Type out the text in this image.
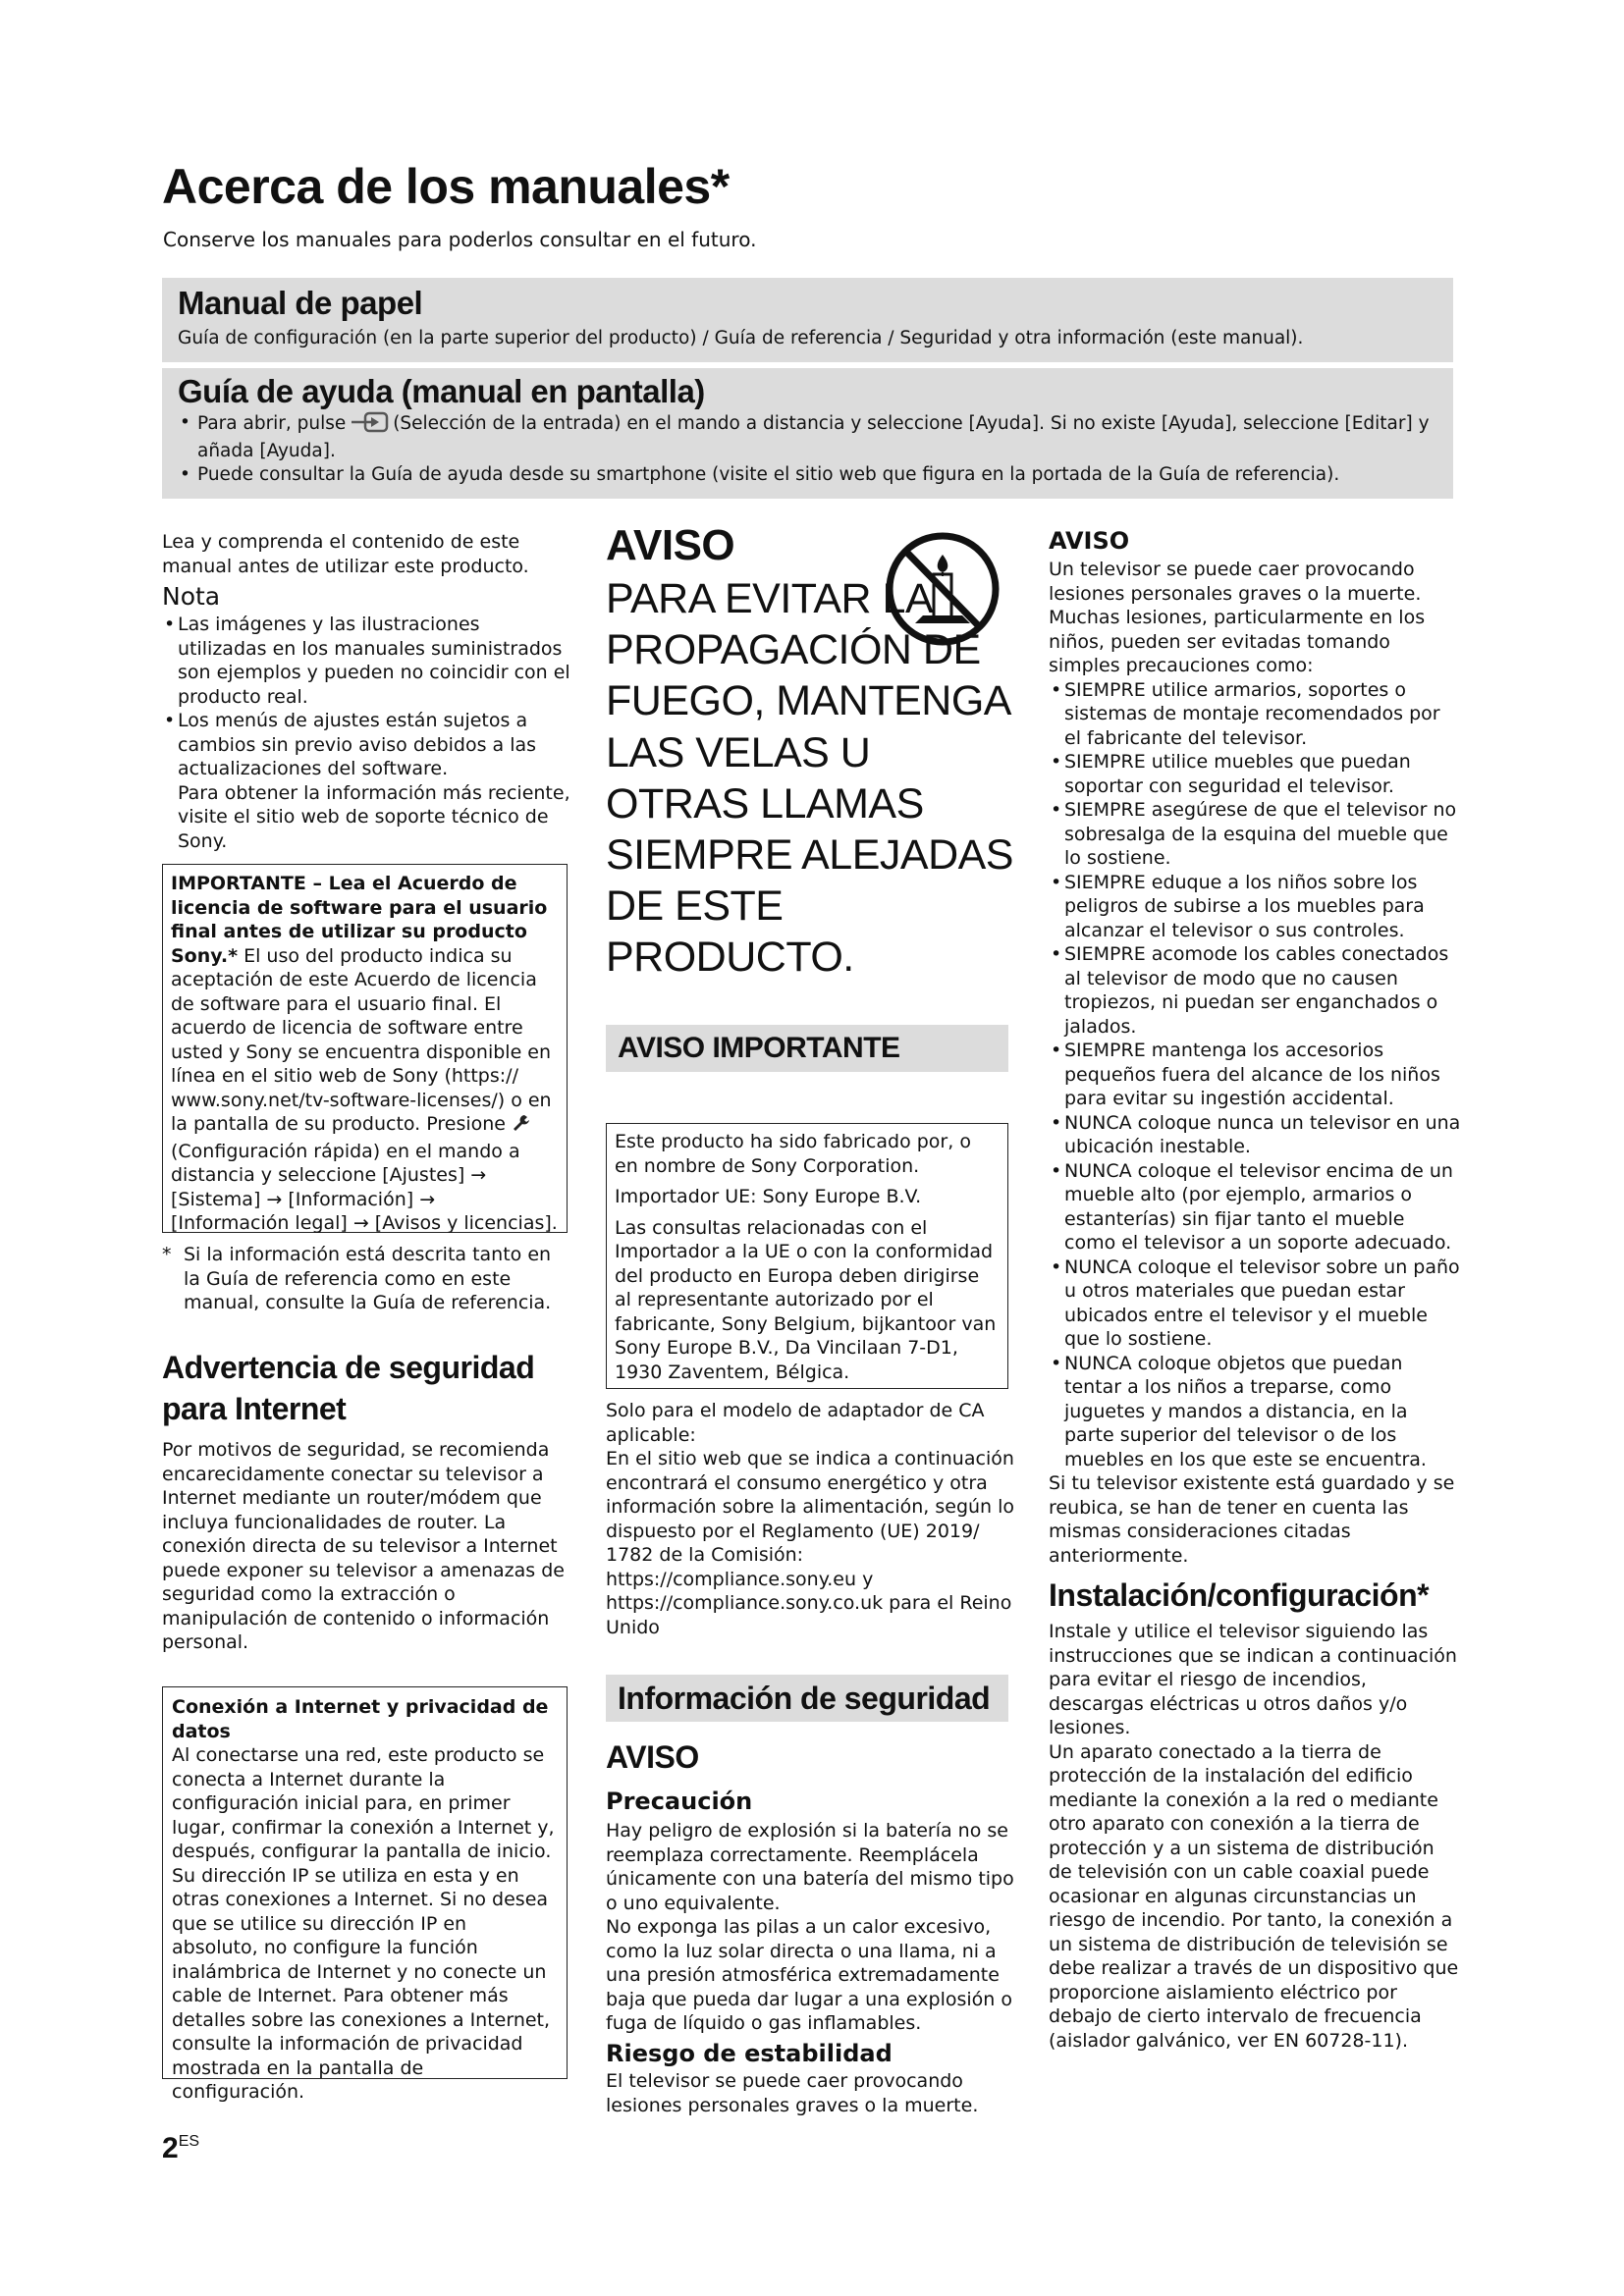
Acerca de los manuales*
Conserve los manuales para poderlos consultar en el futuro.
Manual de papel
Guía de configuración (en la parte superior del producto) / Guía de referencia / Seguridad y otra información (este manual).
Guía de ayuda (manual en pantalla)
• Para abrir, pulse	(Selección de la entrada) en el mando a distancia y seleccione [Ayuda]. Si no existe [Ayuda], seleccione [Editar] y añada [Ayuda].
• Puede consultar la Guía de ayuda desde su smartphone (visite el sitio web que figura en la portada de la Guía de referencia).

Lea y comprenda el contenido de este manual antes de utilizar este producto.

Nota
• Las imágenes y las ilustraciones utilizadas en los manuales suministrados son ejemplos y pueden no coincidir con el producto real.
• Los menús de ajustes están sujetos a cambios sin previo aviso debidos a las actualizaciones del software.
Para obtener la información más reciente, visite el sitio web de soporte técnico de Sony.
IMPORTANTE – Lea el Acuerdo de licencia de software para el usuario final antes de utilizar su producto Sony.* El uso del producto indica su aceptación de este Acuerdo de licencia de software para el usuario final. El acuerdo de licencia de software entre usted y Sony se encuentra disponible en línea en el sitio web de Sony (https:// www.sony.net/tv-software-licenses/) o en la pantalla de su producto. Presione (Configuración rápida) en el mando a distancia y seleccione [Ajustes] → [Sistema] → [Información] → [Información legal] → [Avisos y licencias].
* Si la información está descrita tanto en la Guía de referencia como en este manual, consulte la Guía de referencia.
Advertencia de seguridad para Internet
Por motivos de seguridad, se recomienda encarecidamente conectar su televisor a Internet mediante un router/módem que incluya funcionalidades de router. La conexión directa de su televisor a Internet puede exponer su televisor a amenazas de seguridad como la extracción o manipulación de contenido o información personal.
Conexión a Internet y privacidad de datos
Al conectarse una red, este producto se conecta a Internet durante la configuración inicial para, en primer lugar, confirmar la conexión a Internet y, después, configurar la pantalla de inicio. Su dirección IP se utiliza en esta y en otras conexiones a Internet. Si no desea que se utilice su dirección IP en absoluto, no configure la función inalámbrica de Internet y no conecte un cable de Internet. Para obtener más detalles sobre las conexiones a Internet, consulte la información de privacidad mostrada en la pantalla de configuración.
2ES
AVISO
PARA EVITAR LA PROPAGACIÓN DE FUEGO, MANTENGA LAS VELAS U OTRAS LLAMAS SIEMPRE ALEJADAS DE ESTE PRODUCTO.
AVISO IMPORTANTE

Este producto ha sido fabricado por, o en nombre de Sony Corporation.

Importador UE: Sony Europe B.V.

Las consultas relacionadas con el Importador a la UE o con la conformidad del producto en Europa deben dirigirse al representante autorizado por el fabricante, Sony Belgium, bijkantoor van Sony Europe B.V., Da Vincilaan 7-D1, 1930 Zaventem, Bélgica.

Solo para el modelo de adaptador de CA aplicable:
En el sitio web que se indica a continuación encontrará el consumo energético y otra información sobre la alimentación, según lo dispuesto por el Reglamento (UE) 2019/ 1782 de la Comisión:
https://compliance.sony.eu y
https://compliance.sony.co.uk para el Reino Unido
Información de seguridad
AVISO
Precaución
Hay peligro de explosión si la batería no se reemplaza correctamente. Reemplácela únicamente con una batería del mismo tipo o uno equivalente.
No exponga las pilas a un calor excesivo, como la luz solar directa o una llama, ni a una presión atmosférica extremadamente baja que pueda dar lugar a una explosión o fuga de líquido o gas inflamables.
Riesgo de estabilidad
El televisor se puede caer provocando lesiones personales graves o la muerte.
AVISO

Un televisor se puede caer provocando lesiones personales graves o la muerte. Muchas lesiones, particularmente en los niños, pueden ser evitadas tomando simples precauciones como:

• SIEMPRE utilice armarios, soportes o sistemas de montaje recomendados por el fabricante del televisor.
• SIEMPRE utilice muebles que puedan soportar con seguridad el televisor.
• SIEMPRE asegúrese de que el televisor no sobresalga de la esquina del mueble que lo sostiene.
• SIEMPRE eduque a los niños sobre los peligros de subirse a los muebles para alcanzar el televisor o sus controles.
• SIEMPRE acomode los cables conectados al televisor de modo que no causen tropiezos, ni puedan ser enganchados o jalados.
• SIEMPRE mantenga los accesorios pequeños fuera del alcance de los niños para evitar su ingestión accidental.
• NUNCA coloque nunca un televisor en una ubicación inestable.
• NUNCA coloque el televisor encima de un mueble alto (por ejemplo, armarios o estanterías) sin fijar tanto el mueble como el televisor a un soporte adecuado.
• NUNCA coloque el televisor sobre un paño u otros materiales que puedan estar ubicados entre el televisor y el mueble que lo sostiene.
• NUNCA coloque objetos que puedan tentar a los niños a treparse, como juguetes y mandos a distancia, en la parte superior del televisor o de los muebles en los que este se encuentra.

Si tu televisor existente está guardado y se reubica, se han de tener en cuenta las mismas consideraciones citadas anteriormente.

Instalación/configuración*
Instale y utilice el televisor siguiendo las instrucciones que se indican a continuación para evitar el riesgo de incendios, descargas eléctricas u otros daños y/o lesiones.
Un aparato conectado a la tierra de protección de la instalación del edificio mediante la conexión a la red o mediante otro aparato con conexión a la tierra de protección y a un sistema de distribución de televisión con un cable coaxial puede ocasionar en algunas circunstancias un riesgo de incendio. Por tanto, la conexión a un sistema de distribución de televisión se debe realizar a través de un dispositivo que proporcione aislamiento eléctrico por debajo de cierto intervalo de frecuencia (aislador galvánico, ver EN 60728-11).
